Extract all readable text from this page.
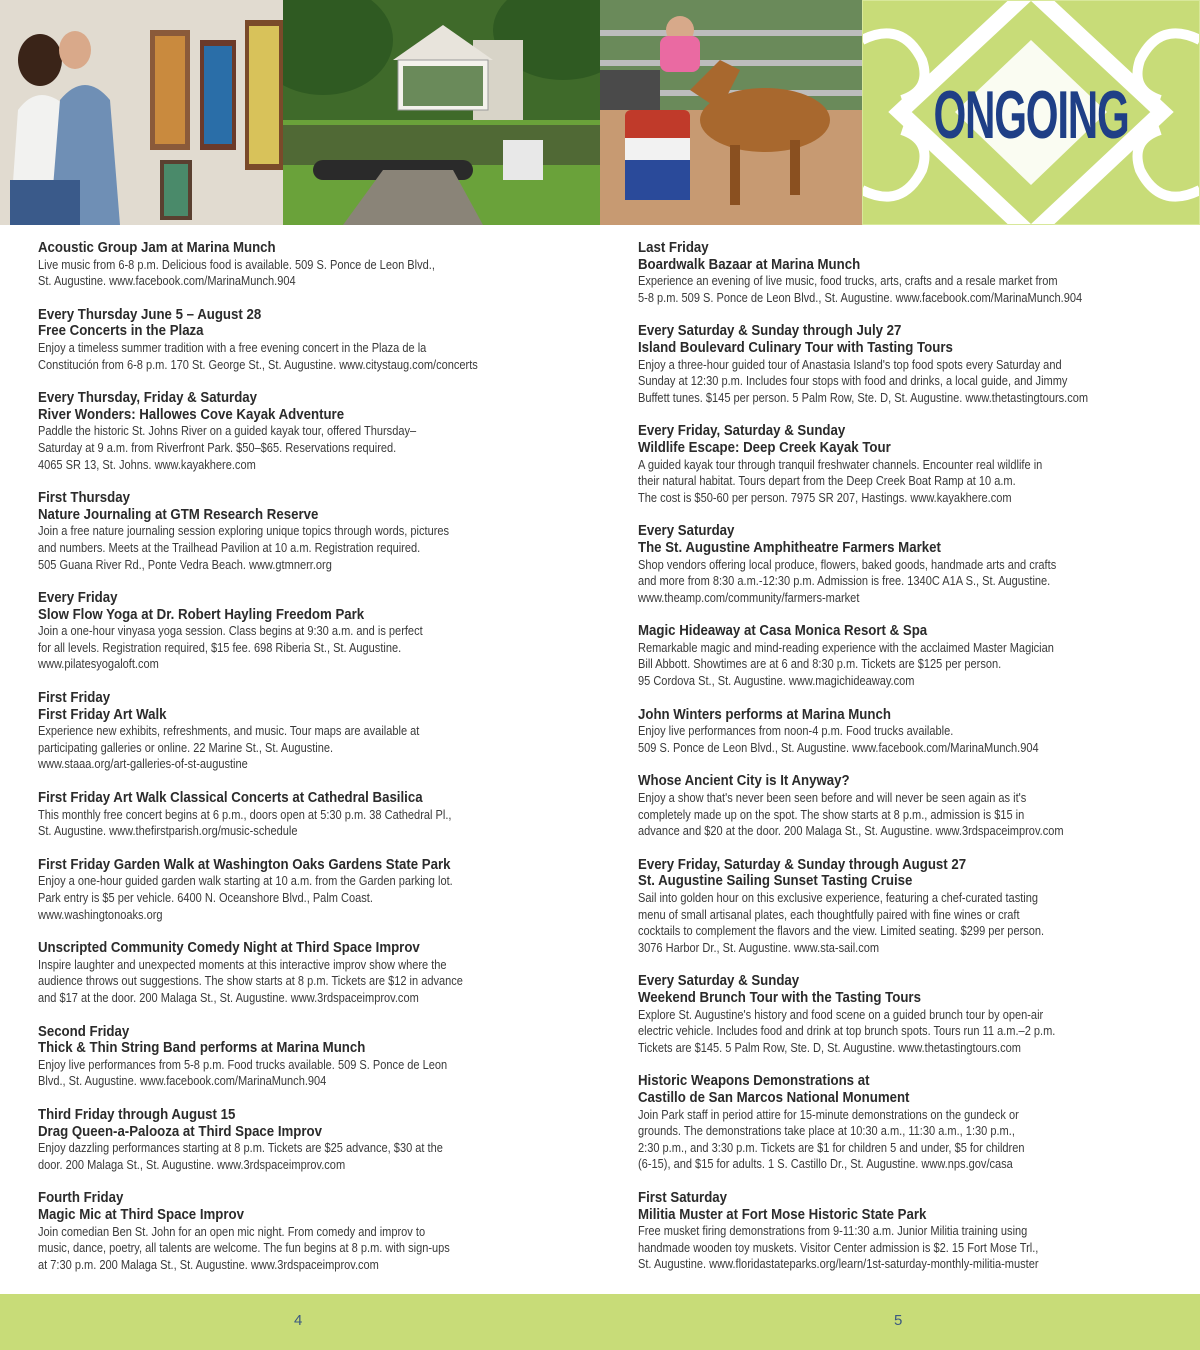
ONGOING
Acoustic Group Jam at Marina Munch
Live music from 6-8 p.m. Delicious food is available. 509 S. Ponce de Leon Blvd.,
St. Augustine. www.facebook.com/MarinaMunch.904
Every Thursday June 5 – August 28
Free Concerts in the Plaza
Enjoy a timeless summer tradition with a free evening concert in the Plaza de la
Constitución from 6-8 p.m. 170 St. George St., St. Augustine. www.citystaug.com/concerts
Every Thursday, Friday & Saturday
River Wonders: Hallowes Cove Kayak Adventure
Paddle the historic St. Johns River on a guided kayak tour, offered Thursday–
Saturday at 9 a.m. from Riverfront Park. $50–$65. Reservations required.
4065 SR 13, St. Johns. www.kayakhere.com
First Thursday
Nature Journaling at GTM Research Reserve
Join a free nature journaling session exploring unique topics through words, pictures
and numbers. Meets at the Trailhead Pavilion at 10 a.m. Registration required.
505 Guana River Rd., Ponte Vedra Beach. www.gtmnerr.org
Every Friday
Slow Flow Yoga at Dr. Robert Hayling Freedom Park
Join a one-hour vinyasa yoga session. Class begins at 9:30 a.m. and is perfect
for all levels. Registration required, $15 fee. 698 Riberia St., St. Augustine.
www.pilatesyogaloft.com
First Friday
First Friday Art Walk
Experience new exhibits, refreshments, and music. Tour maps are available at
participating galleries or online. 22 Marine St., St. Augustine.
www.staaa.org/art-galleries-of-st-augustine
First Friday Art Walk Classical Concerts at Cathedral Basilica
This monthly free concert begins at 6 p.m., doors open at 5:30 p.m. 38 Cathedral Pl.,
St. Augustine. www.thefirstparish.org/music-schedule
First Friday Garden Walk at Washington Oaks Gardens State Park
Enjoy a one-hour guided garden walk starting at 10 a.m. from the Garden parking lot.
Park entry is $5 per vehicle. 6400 N. Oceanshore Blvd., Palm Coast.
www.washingtonoaks.org
Unscripted Community Comedy Night at Third Space Improv
Inspire laughter and unexpected moments at this interactive improv show where the
audience throws out suggestions. The show starts at 8 p.m. Tickets are $12 in advance
and $17 at the door. 200 Malaga St., St. Augustine. www.3rdspaceimprov.com
Second Friday
Thick & Thin String Band performs at Marina Munch
Enjoy live performances from 5-8 p.m. Food trucks available. 509 S. Ponce de Leon
Blvd., St. Augustine. www.facebook.com/MarinaMunch.904
Third Friday through August 15
Drag Queen-a-Palooza at Third Space Improv
Enjoy dazzling performances starting at 8 p.m. Tickets are $25 advance, $30 at the
door. 200 Malaga St., St. Augustine. www.3rdspaceimprov.com
Fourth Friday
Magic Mic at Third Space Improv
Join comedian Ben St. John for an open mic night. From comedy and improv to
music, dance, poetry, all talents are welcome. The fun begins at 8 p.m. with sign-ups
at 7:30 p.m. 200 Malaga St., St. Augustine. www.3rdspaceimprov.com
Last Friday
Boardwalk Bazaar at Marina Munch
Experience an evening of live music, food trucks, arts, crafts and a resale market from
5-8 p.m. 509 S. Ponce de Leon Blvd., St. Augustine. www.facebook.com/MarinaMunch.904
Every Saturday & Sunday through July 27
Island Boulevard Culinary Tour with Tasting Tours
Enjoy a three-hour guided tour of Anastasia Island's top food spots every Saturday and
Sunday at 12:30 p.m. Includes four stops with food and drinks, a local guide, and Jimmy
Buffett tunes. $145 per person. 5 Palm Row, Ste. D, St. Augustine. www.thetastingtours.com
Every Friday, Saturday & Sunday
Wildlife Escape: Deep Creek Kayak Tour
A guided kayak tour through tranquil freshwater channels. Encounter real wildlife in
their natural habitat. Tours depart from the Deep Creek Boat Ramp at 10 a.m.
The cost is $50-60 per person. 7975 SR 207, Hastings. www.kayakhere.com
Every Saturday
The St. Augustine Amphitheatre Farmers Market
Shop vendors offering local produce, flowers, baked goods, handmade arts and crafts
and more from 8:30 a.m.-12:30 p.m. Admission is free. 1340C A1A S., St. Augustine.
www.theamp.com/community/farmers-market
Magic Hideaway at Casa Monica Resort & Spa
Remarkable magic and mind-reading experience with the acclaimed Master Magician
Bill Abbott. Showtimes are at 6 and 8:30 p.m. Tickets are $125 per person.
95 Cordova St., St. Augustine. www.magichideaway.com
John Winters performs at Marina Munch
Enjoy live performances from noon-4 p.m. Food trucks available.
509 S. Ponce de Leon Blvd., St. Augustine. www.facebook.com/MarinaMunch.904
Whose Ancient City is It Anyway?
Enjoy a show that's never been seen before and will never be seen again as it's
completely made up on the spot. The show starts at 8 p.m., admission is $15 in
advance and $20 at the door. 200 Malaga St., St. Augustine. www.3rdspaceimprov.com
Every Friday, Saturday & Sunday through August 27
St. Augustine Sailing Sunset Tasting Cruise
Sail into golden hour on this exclusive experience, featuring a chef-curated tasting
menu of small artisanal plates, each thoughtfully paired with fine wines or craft
cocktails to complement the flavors and the view. Limited seating. $299 per person.
3076 Harbor Dr., St. Augustine. www.sta-sail.com
Every Saturday & Sunday
Weekend Brunch Tour with the Tasting Tours
Explore St. Augustine's history and food scene on a guided brunch tour by open-air
electric vehicle. Includes food and drink at top brunch spots. Tours run 11 a.m.–2 p.m.
Tickets are $145. 5 Palm Row, Ste. D, St. Augustine. www.thetastingtours.com
Historic Weapons Demonstrations at
Castillo de San Marcos National Monument
Join Park staff in period attire for 15-minute demonstrations on the gundeck or
grounds. The demonstrations take place at 10:30 a.m., 11:30 a.m., 1:30 p.m.,
2:30 p.m., and 3:30 p.m. Tickets are $1 for children 5 and under, $5 for children
(6-15), and $15 for adults. 1 S. Castillo Dr., St. Augustine. www.nps.gov/casa
First Saturday
Militia Muster at Fort Mose Historic State Park
Free musket firing demonstrations from 9-11:30 a.m. Junior Militia training using
handmade wooden toy muskets. Visitor Center admission is $2. 15 Fort Mose Trl.,
St. Augustine. www.floridastateparks.org/learn/1st-saturday-monthly-militia-muster
4	5
